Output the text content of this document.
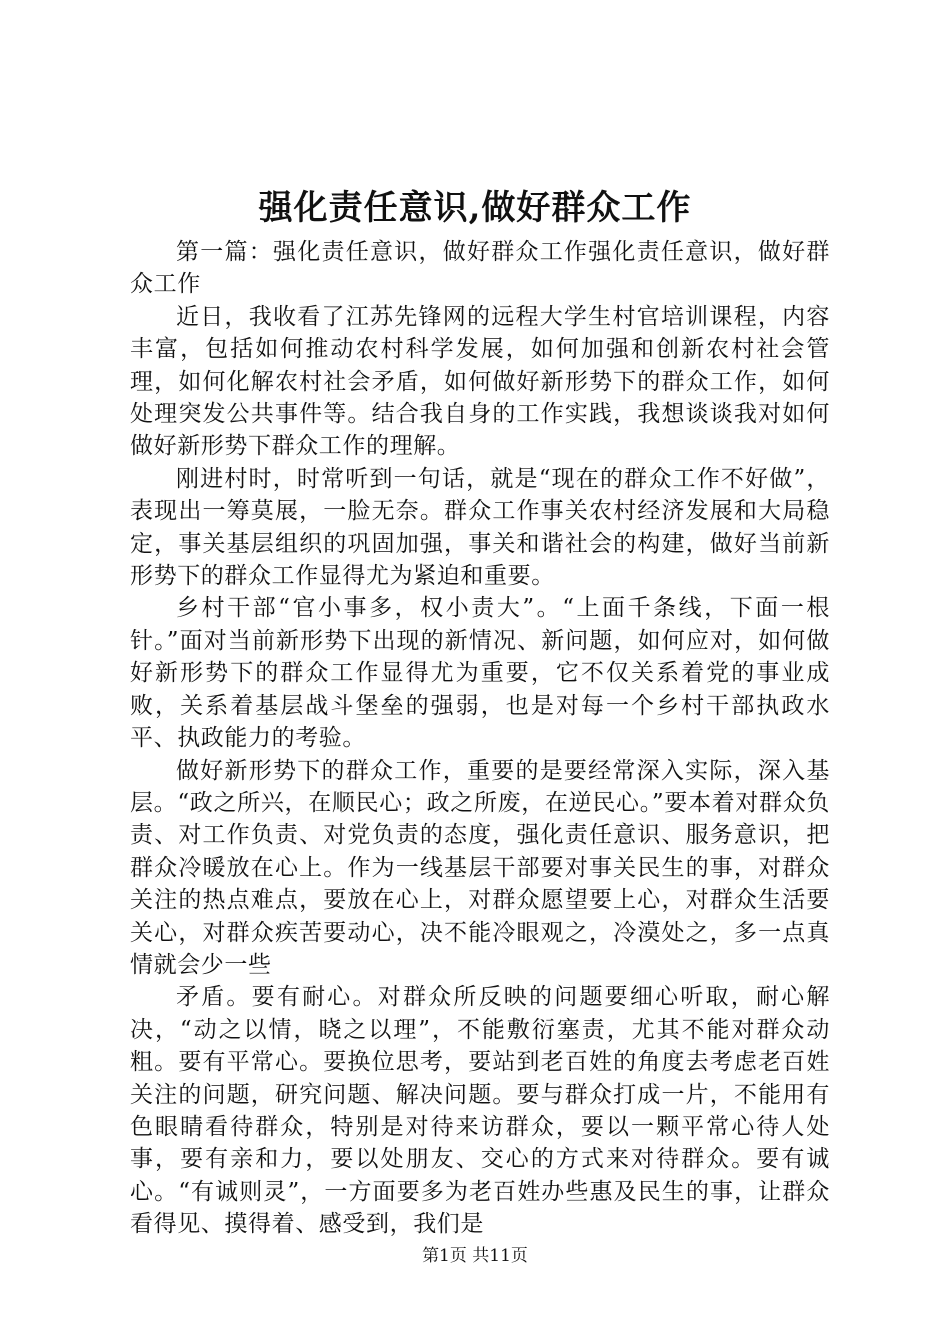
强化责任意识,做好群众工作

第一篇：强化责任意识，做好群众工作强化责任意识，做好群众工作

近日，我收看了江苏先锋网的远程大学生村官培训课程，内容丰富，包括如何推动农村科学发展，如何加强和创新农村社会管理，如何化解农村社会矛盾，如何做好新形势下的群众工作，如何处理突发公共事件等。结合我自身的工作实践，我想谈谈我对如何做好新形势下群众工作的理解。

刚进村时，时常听到一句话，就是“现在的群众工作不好做”，表现出一筹莫展，一脸无奈。群众工作事关农村经济发展和大局稳定，事关基层组织的巩固加强，事关和谐社会的构建，做好当前新形势下的群众工作显得尤为紧迫和重要。

乡村干部“官小事多，权小责大”。“上面千条线，下面一根针。”面对当前新形势下出现的新情况、新问题，如何应对，如何做好新形势下的群众工作显得尤为重要，它不仅关系着党的事业成败，关系着基层战斗堡垒的强弱，也是对每一个乡村干部执政水平、执政能力的考验。

做好新形势下的群众工作，重要的是要经常深入实际，深入基层。“政之所兴，在顺民心；政之所废，在逆民心。”要本着对群众负责、对工作负责、对党负责的态度，强化责任意识、服务意识，把群众冷暖放在心上。作为一线基层干部要对事关民生的事，对群众关注的热点难点，要放在心上，对群众愿望要上心，对群众生活要关心，对群众疾苦要动心，决不能冷眼观之，冷漠处之，多一点真情就会少一些

矛盾。要有耐心。对群众所反映的问题要细心听取，耐心解决，“动之以情，晓之以理”，不能敷衍塞责，尤其不能对群众动粗。要有平常心。要换位思考，要站到老百姓的角度去考虑老百姓关注的问题，研究问题、解决问题。要与群众打成一片，不能用有色眼睛看待群众，特别是对待来访群众，要以一颗平常心待人处事，要有亲和力，要以处朋友、交心的方式来对待群众。要有诚心。“有诚则灵”，一方面要多为老百姓办些惠及民生的事，让群众看得见、摸得着、感受到，我们是

第1页 共11页
